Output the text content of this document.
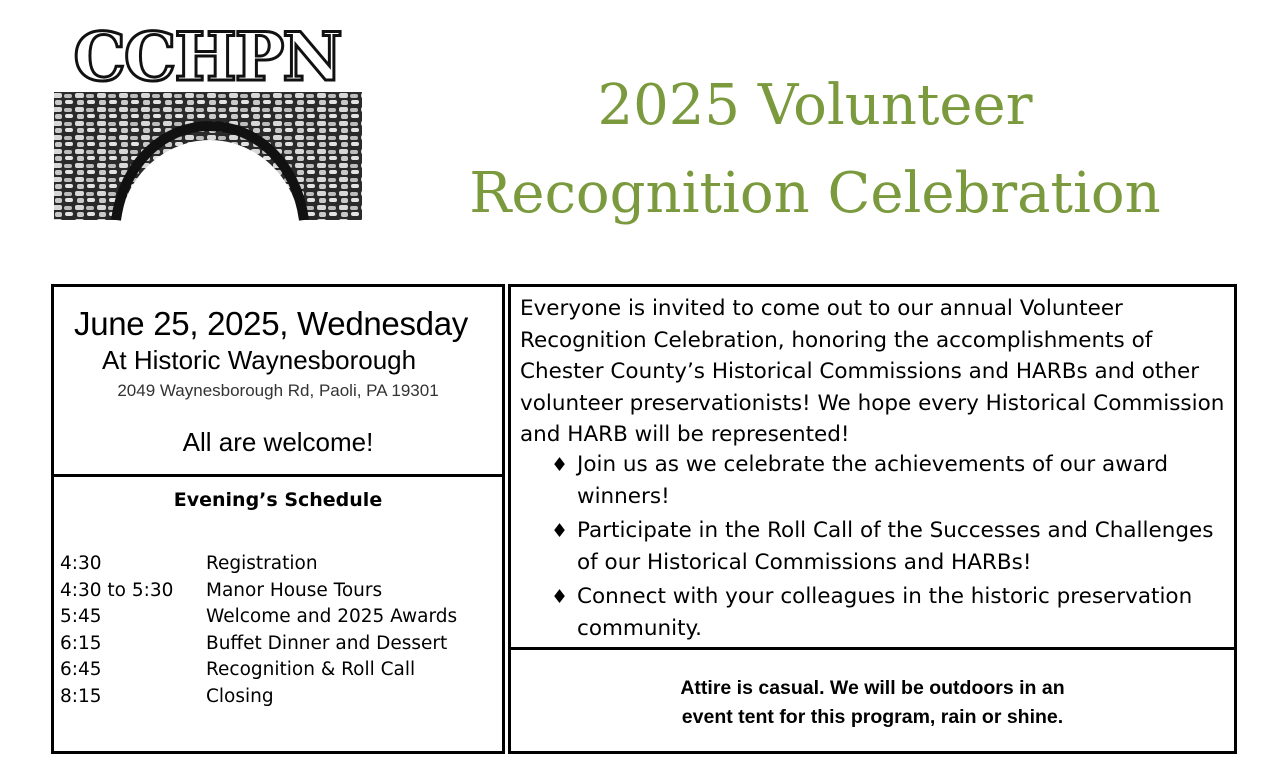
CCHPN
2025 Volunteer
Recognition Celebration
June 25, 2025, Wednesday
At Historic Waynesborough
2049 Waynesborough Rd, Paoli, PA 19301
All are welcome!
Evening’s Schedule
4:30	Registration
4:30 to 5:30	Manor House Tours
5:45	Welcome and 2025 Awards
6:15	Buffet Dinner and Dessert
6:45	Recognition & Roll Call
8:15	Closing
Everyone is invited to come out to our annual Volunteer Recognition Celebration, honoring the accomplishments of Chester County’s Historical Commissions and HARBs and other volunteer preservationists! We hope every Historical Commission and HARB will be represented!
♦ Join us as we celebrate the achievements of our award winners!
♦ Participate in the Roll Call of the Successes and Challenges of our Historical Commissions and HARBs!
♦ Connect with your colleagues in the historic preservation community.
Attire is casual. We will be outdoors in an
event tent for this program, rain or shine.
